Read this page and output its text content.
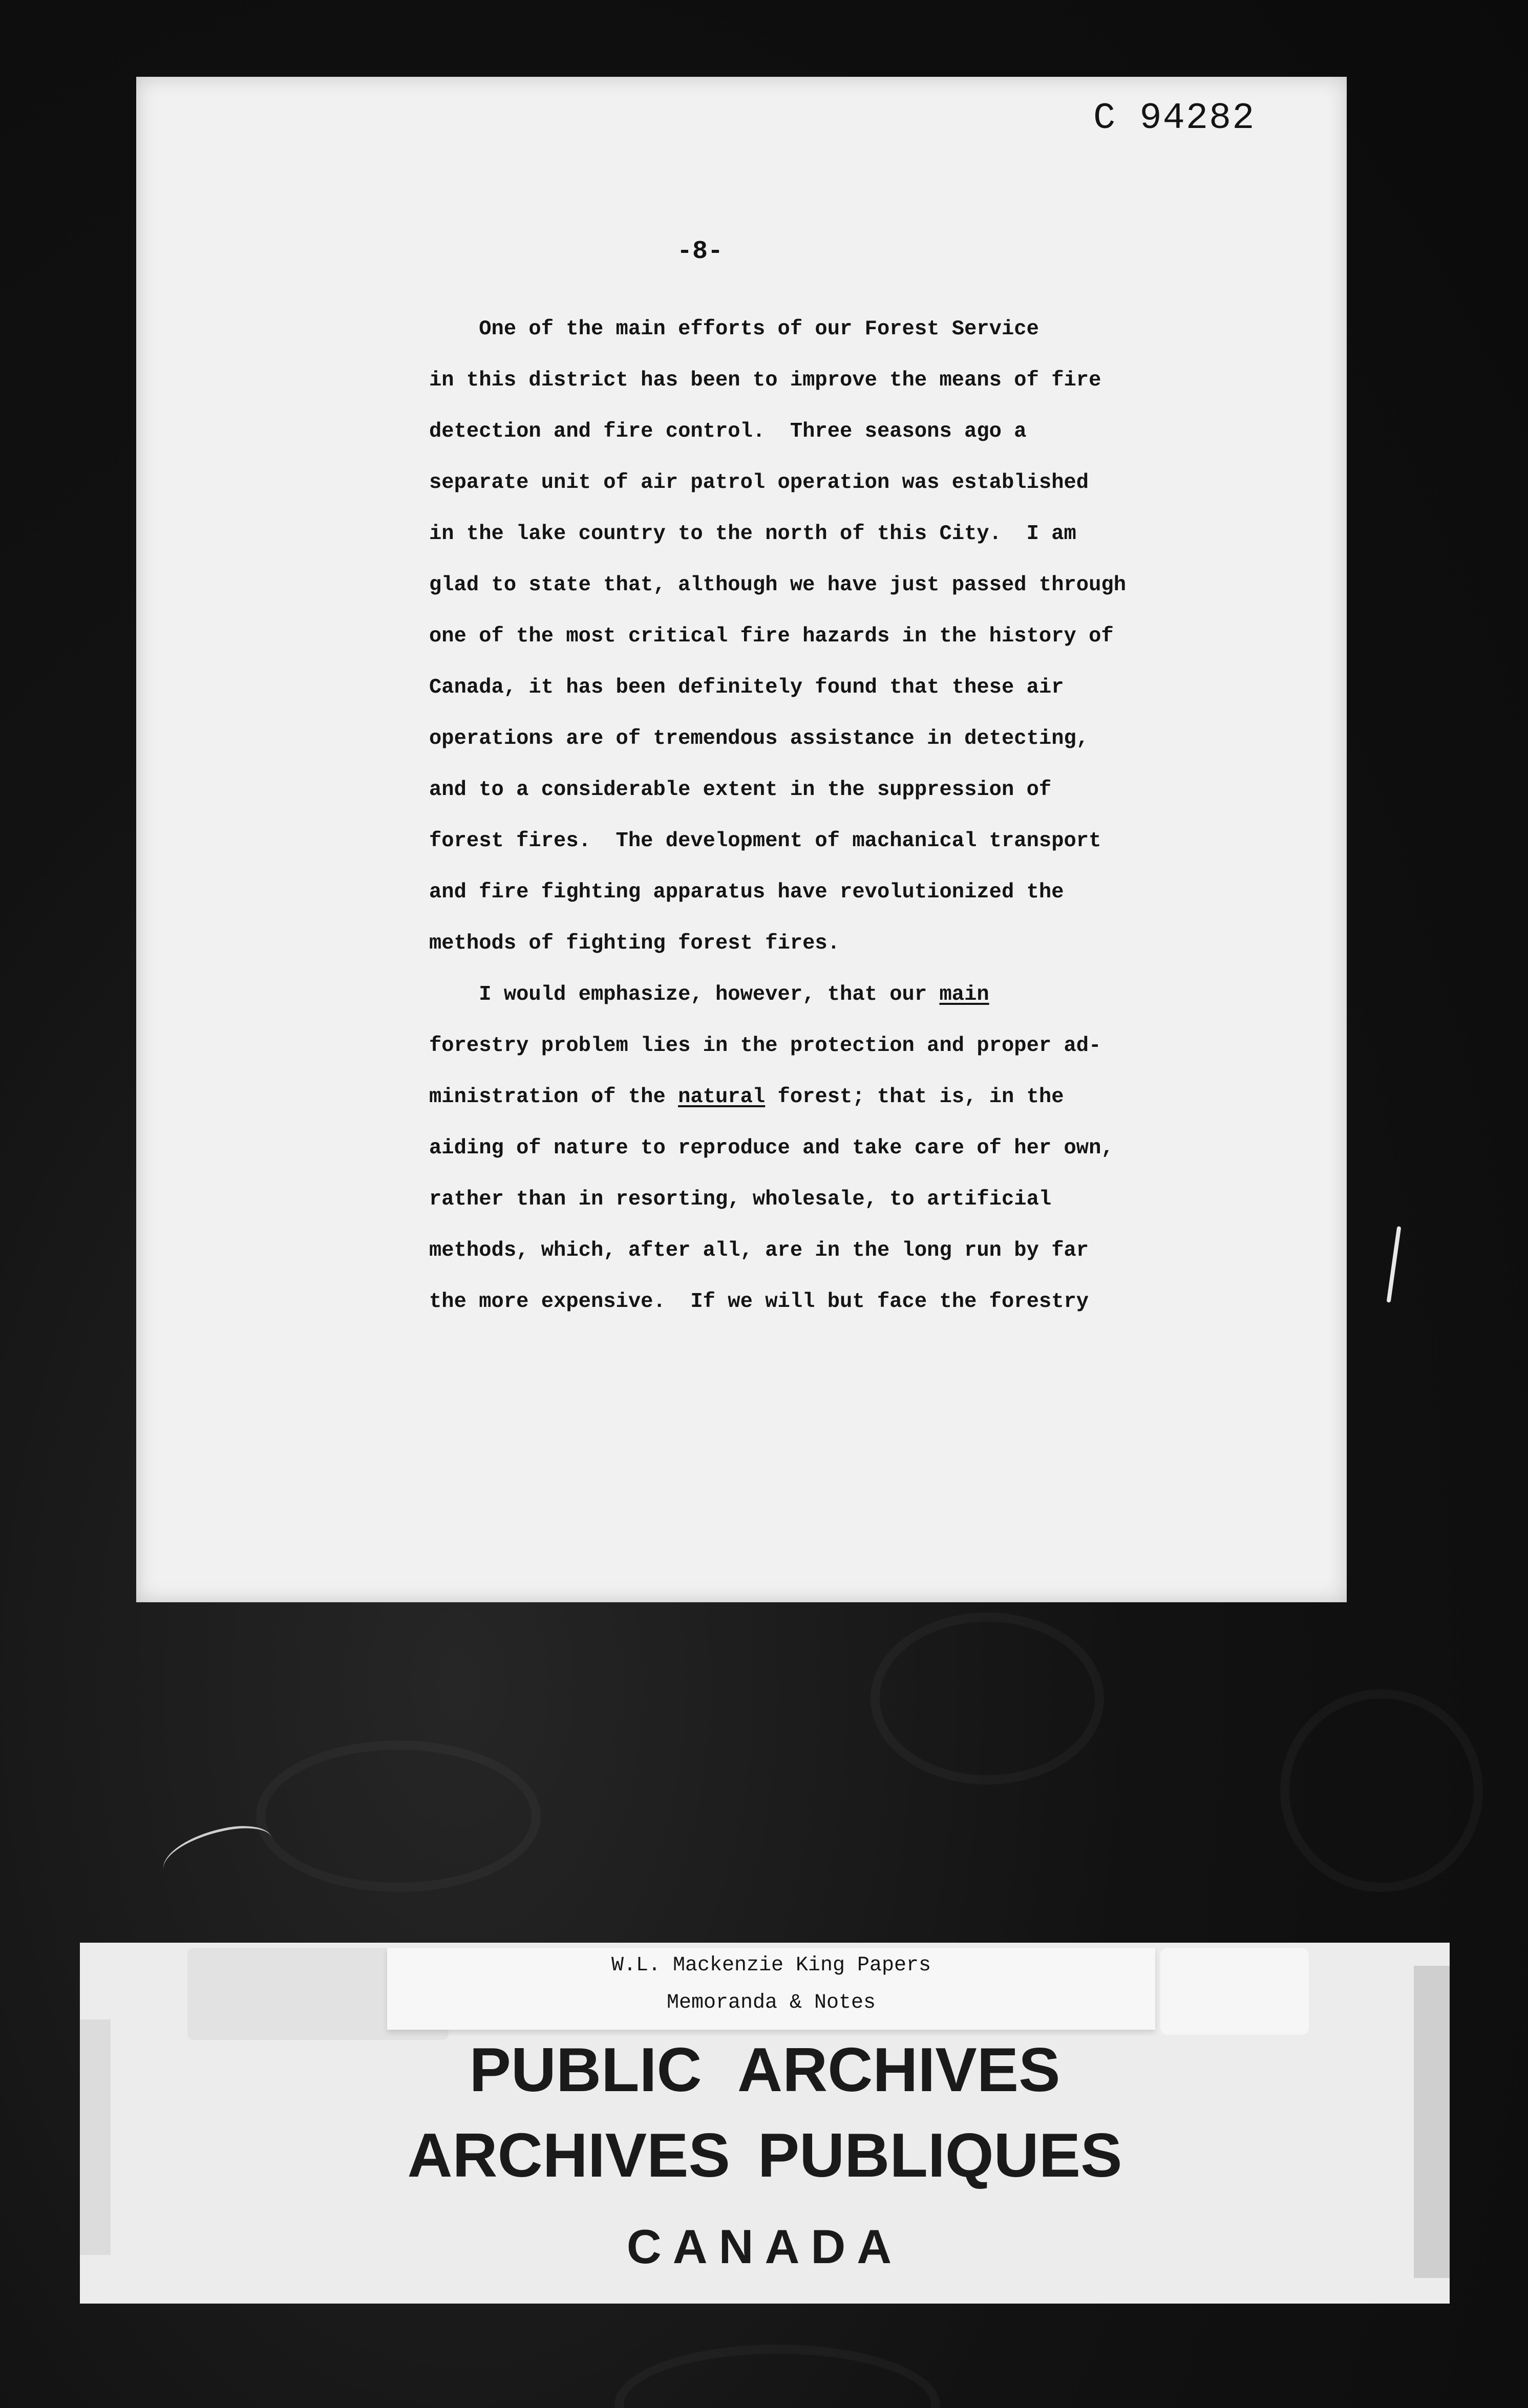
C 94282
-8-
One of the main efforts of our Forest Service
in this district has been to improve the means of fire
detection and fire control.  Three seasons ago a
separate unit of air patrol operation was established
in the lake country to the north of this City.  I am
glad to state that, although we have just passed through
one of the most critical fire hazards in the history of
Canada, it has been definitely found that these air
operations are of tremendous assistance in detecting,
and to a considerable extent in the suppression of
forest fires.  The development of machanical transport
and fire fighting apparatus have revolutionized the
methods of fighting forest fires.
I would emphasize, however, that our main
forestry problem lies in the protection and proper ad-
ministration of the natural forest; that is, in the
aiding of nature to reproduce and take care of her own,
rather than in resorting, wholesale, to artificial
methods, which, after all, are in the long run by far
the more expensive.  If we will but face the forestry
W.L. Mackenzie King Papers
Memoranda & Notes
PUBLIC ARCHIVES
ARCHIVES PUBLIQUES
CANADA
